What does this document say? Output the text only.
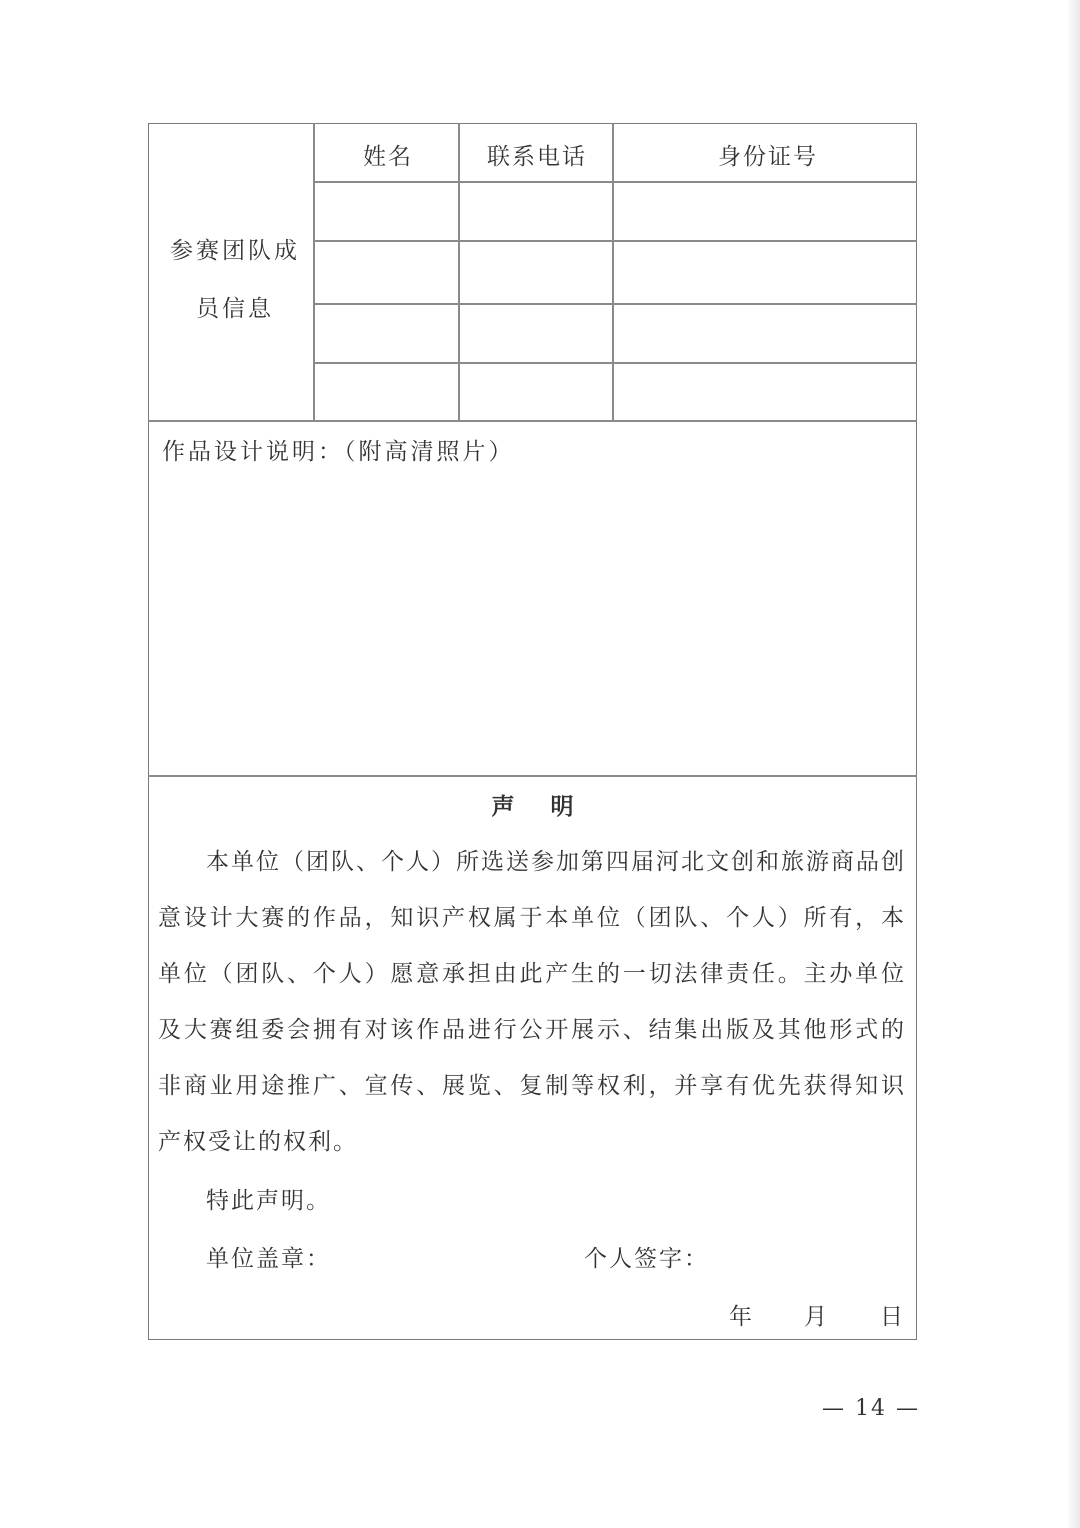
参赛团队成
员信息
姓名	联系电话	身份证号
作品设计说明：（附高清照片）
声明

本单位（团队、个人）所选送参加第四届河北文创和旅游商品创意设计大赛的作品，知识产权属于本单位（团队、个人）所有，本单位（团队、个人）愿意承担由此产生的一切法律责任。主办单位及大赛组委会拥有对该作品进行公开展示、结集出版及其他形式的非商业用途推广、宣传、展览、复制等权利，并享有优先获得知识产权受让的权利。

特此声明。
单位盖章：	个人签字：
年 月 日
— 14 —
